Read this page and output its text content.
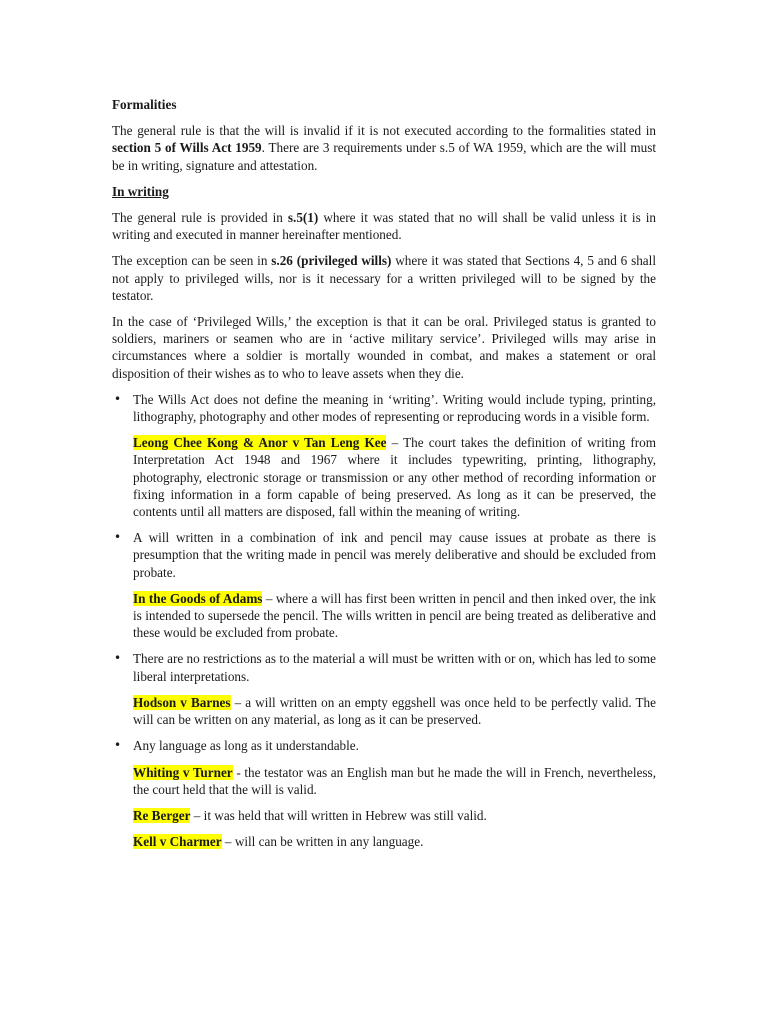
Formalities

The general rule is that the will is invalid if it is not executed according to the formalities stated in section 5 of Wills Act 1959. There are 3 requirements under s.5 of WA 1959, which are the will must be in writing, signature and attestation.

In writing

The general rule is provided in s.5(1) where it was stated that no will shall be valid unless it is in writing and executed in manner hereinafter mentioned.

The exception can be seen in s.26 (privileged wills) where it was stated that Sections 4, 5 and 6 shall not apply to privileged wills, nor is it necessary for a written privileged will to be signed by the testator.

In the case of ‘Privileged Wills,’ the exception is that it can be oral. Privileged status is granted to soldiers, mariners or seamen who are in ‘active military service’. Privileged wills may arise in circumstances where a soldier is mortally wounded in combat, and makes a statement or oral disposition of their wishes as to who to leave assets when they die.

• The Wills Act does not define the meaning in ‘writing’. Writing would include typing, printing, lithography, photography and other modes of representing or reproducing words in a visible form.

Leong Chee Kong & Anor v Tan Leng Kee – The court takes the definition of writing from Interpretation Act 1948 and 1967 where it includes typewriting, printing, lithography, photography, electronic storage or transmission or any other method of recording information or fixing information in a form capable of being preserved. As long as it can be preserved, the contents until all matters are disposed, fall within the meaning of writing.

• A will written in a combination of ink and pencil may cause issues at probate as there is presumption that the writing made in pencil was merely deliberative and should be excluded from probate.

In the Goods of Adams – where a will has first been written in pencil and then inked over, the ink is intended to supersede the pencil. The wills written in pencil are being treated as deliberative and these would be excluded from probate.

• There are no restrictions as to the material a will must be written with or on, which has led to some liberal interpretations.

Hodson v Barnes – a will written on an empty eggshell was once held to be perfectly valid. The will can be written on any material, as long as it can be preserved.

• Any language as long as it understandable.

Whiting v Turner - the testator was an English man but he made the will in French, nevertheless, the court held that the will is valid.

Re Berger – it was held that will written in Hebrew was still valid.

Kell v Charmer – will can be written in any language.
